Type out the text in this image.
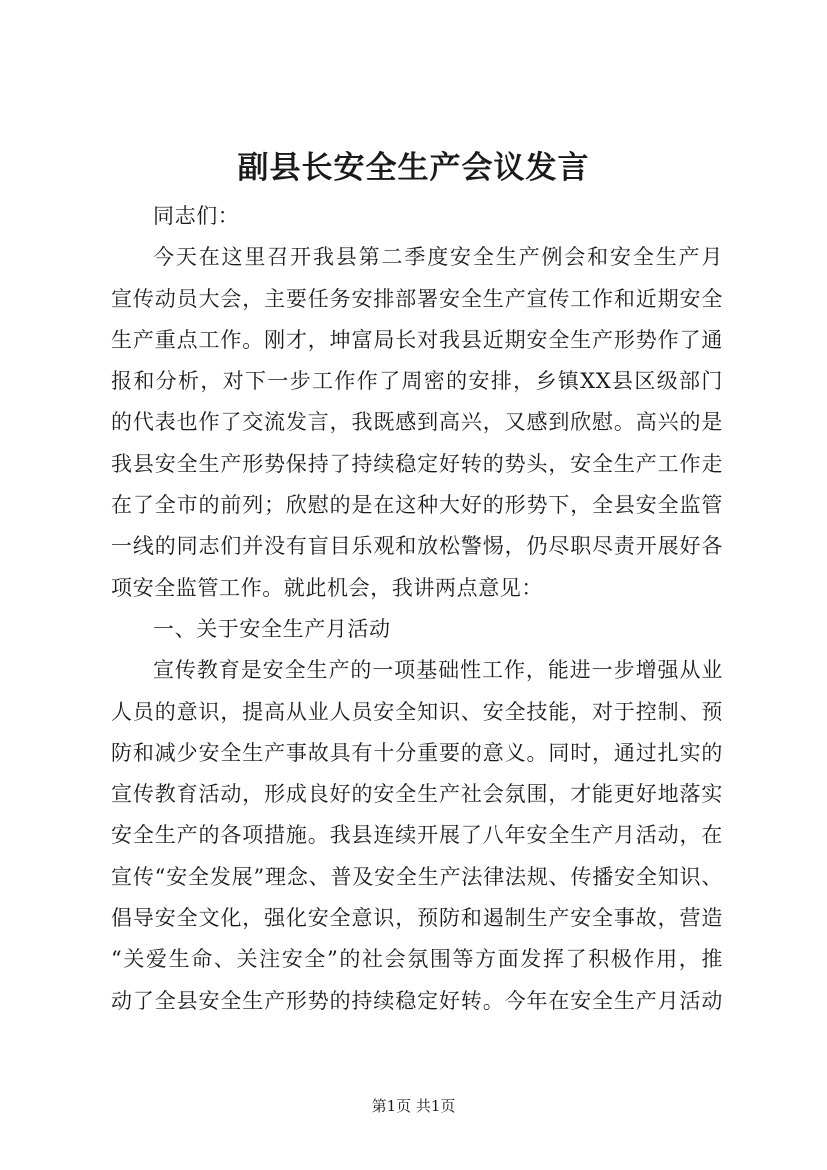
副县长安全生产会议发言
同志们：
今天在这里召开我县第二季度安全生产例会和安全生产月
宣传动员大会，主要任务安排部署安全生产宣传工作和近期安全
生产重点工作。刚才，坤富局长对我县近期安全生产形势作了通
报和分析，对下一步工作作了周密的安排，乡镇XX县区级部门
的代表也作了交流发言，我既感到高兴，又感到欣慰。高兴的是
我县安全生产形势保持了持续稳定好转的势头，安全生产工作走
在了全市的前列；欣慰的是在这种大好的形势下，全县安全监管
一线的同志们并没有盲目乐观和放松警惕，仍尽职尽责开展好各
项安全监管工作。就此机会，我讲两点意见：
一、关于安全生产月活动
宣传教育是安全生产的一项基础性工作，能进一步增强从业
人员的意识，提高从业人员安全知识、安全技能，对于控制、预
防和减少安全生产事故具有十分重要的意义。同时，通过扎实的
宣传教育活动，形成良好的安全生产社会氛围，才能更好地落实
安全生产的各项措施。我县连续开展了八年安全生产月活动，在
宣传“安全发展”理念、普及安全生产法律法规、传播安全知识、
倡导安全文化，强化安全意识，预防和遏制生产安全事故，营造
“关爱生命、关注安全”的社会氛围等方面发挥了积极作用，推
动了全县安全生产形势的持续稳定好转。今年在安全生产月活动
第1页 共1页
